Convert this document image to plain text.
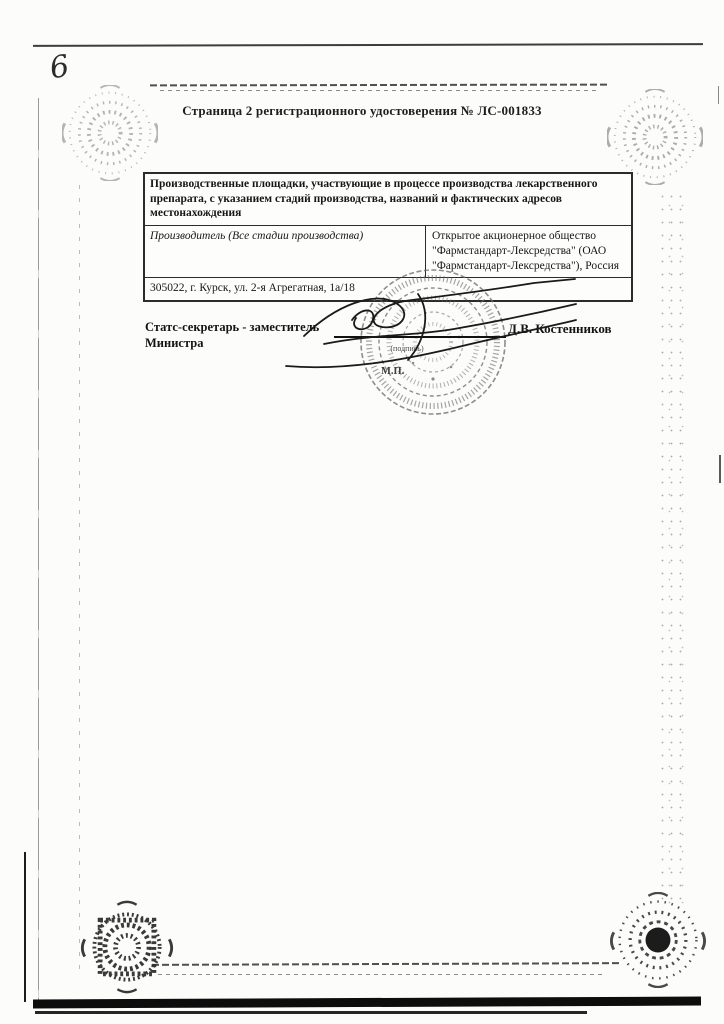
6
Страница 2 регистрационного удостоверения № ЛС-001833
Производственные площадки, участвующие в процессе производства лекарственного препарата, с указанием стадий производства, названий и фактических адресов местонахождения
Производитель (Все стадии производства)	Открытое акционерное общество "Фармстандарт-Лексредства" (ОАО "Фармстандарт-Лексредства"), Россия
305022, г. Курск, ул. 2-я Агрегатная, 1а/18
Статс-секретарь - заместитель
Министра
Д.В. Костенников
(подпись)
М.П.
